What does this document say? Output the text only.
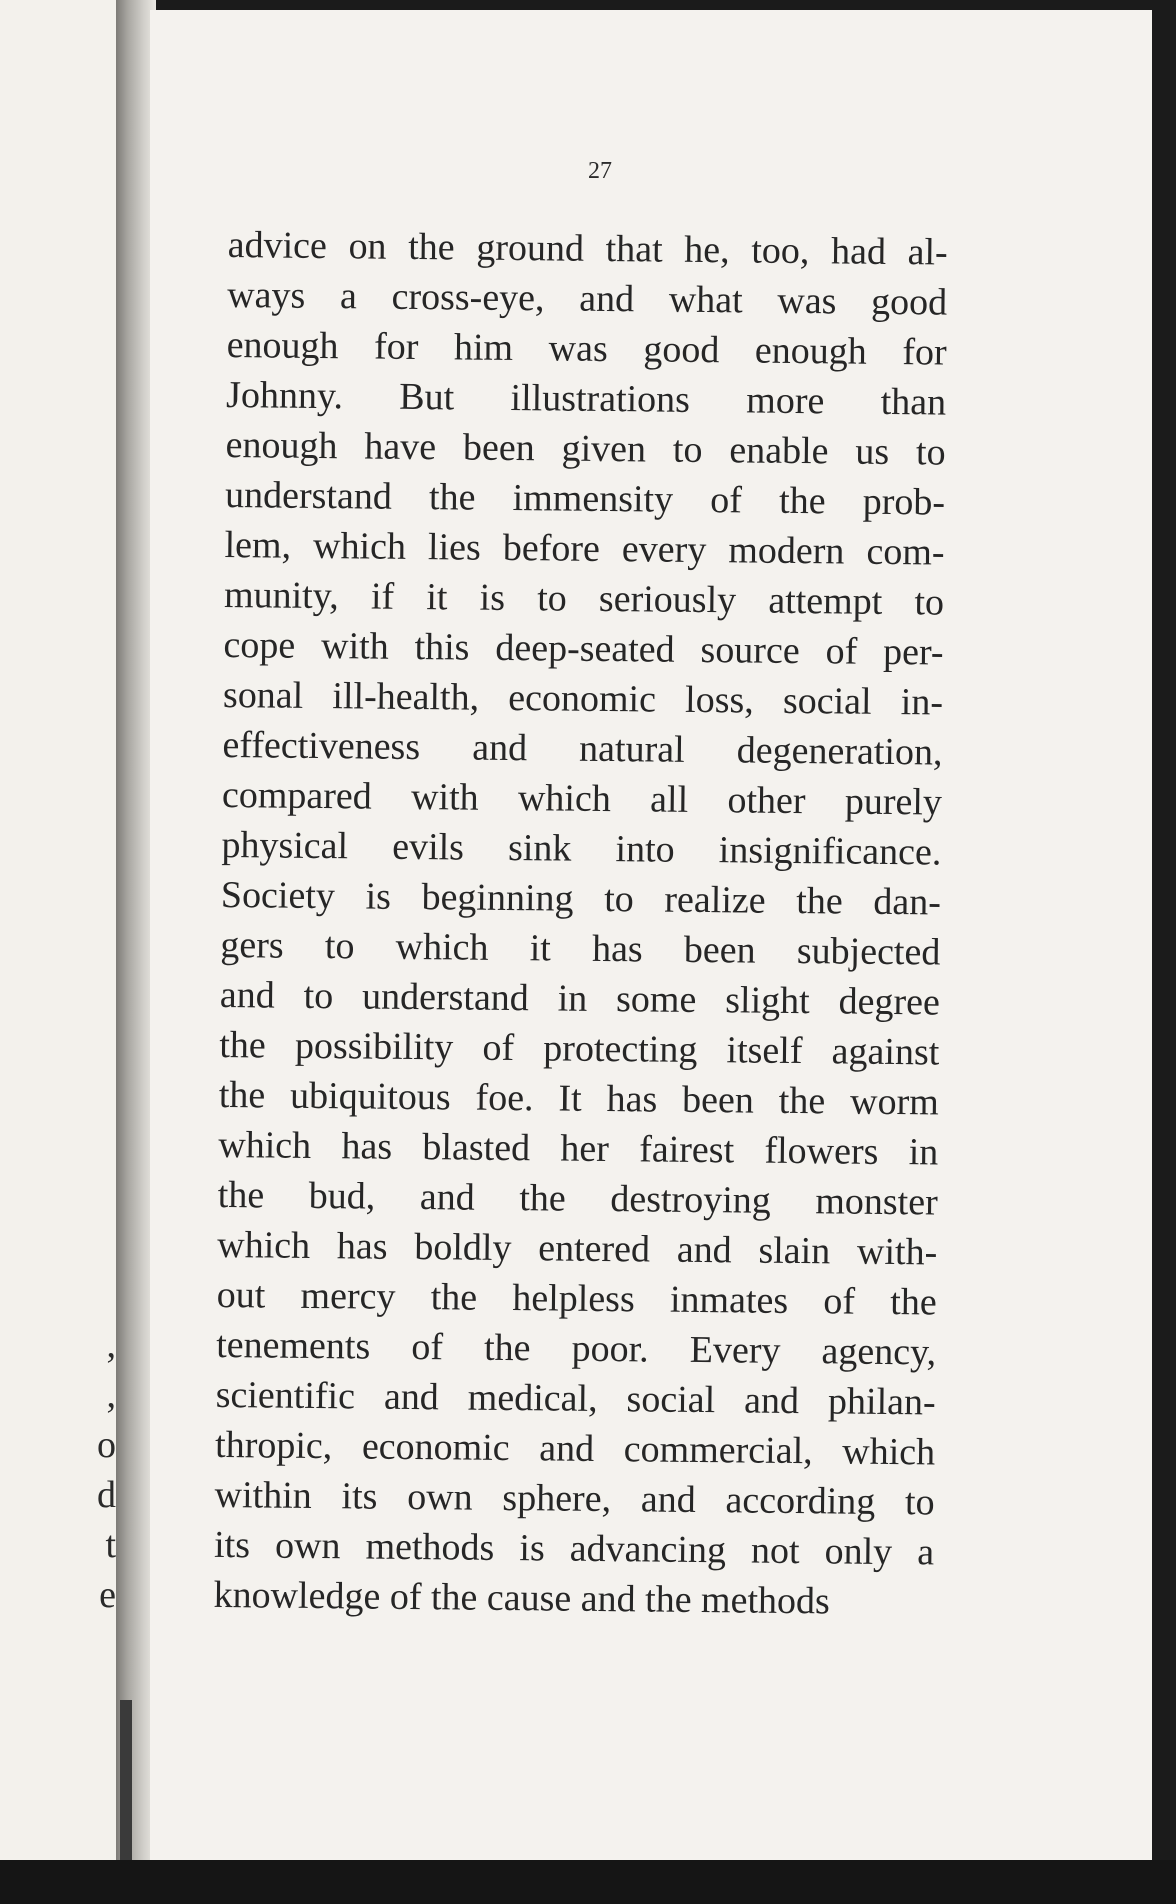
,
,
o
d
t
e
27
advice on the ground that he, too, had al-
ways a cross-eye, and what was good
enough for him was good enough for
Johnny. But illustrations more than
enough have been given to enable us to
understand the immensity of the prob-
lem, which lies before every modern com-
munity, if it is to seriously attempt to
cope with this deep-seated source of per-
sonal ill-health, economic loss, social in-
effectiveness and natural degeneration,
compared with which all other purely
physical evils sink into insignificance.
Society is beginning to realize the dan-
gers to which it has been subjected
and to understand in some slight degree
the possibility of protecting itself against
the ubiquitous foe. It has been the worm
which has blasted her fairest flowers in
the bud, and the destroying monster
which has boldly entered and slain with-
out mercy the helpless inmates of the
tenements of the poor. Every agency,
scientific and medical, social and philan-
thropic, economic and commercial, which
within its own sphere, and according to
its own methods is advancing not only a
knowledge of the cause and the methods
